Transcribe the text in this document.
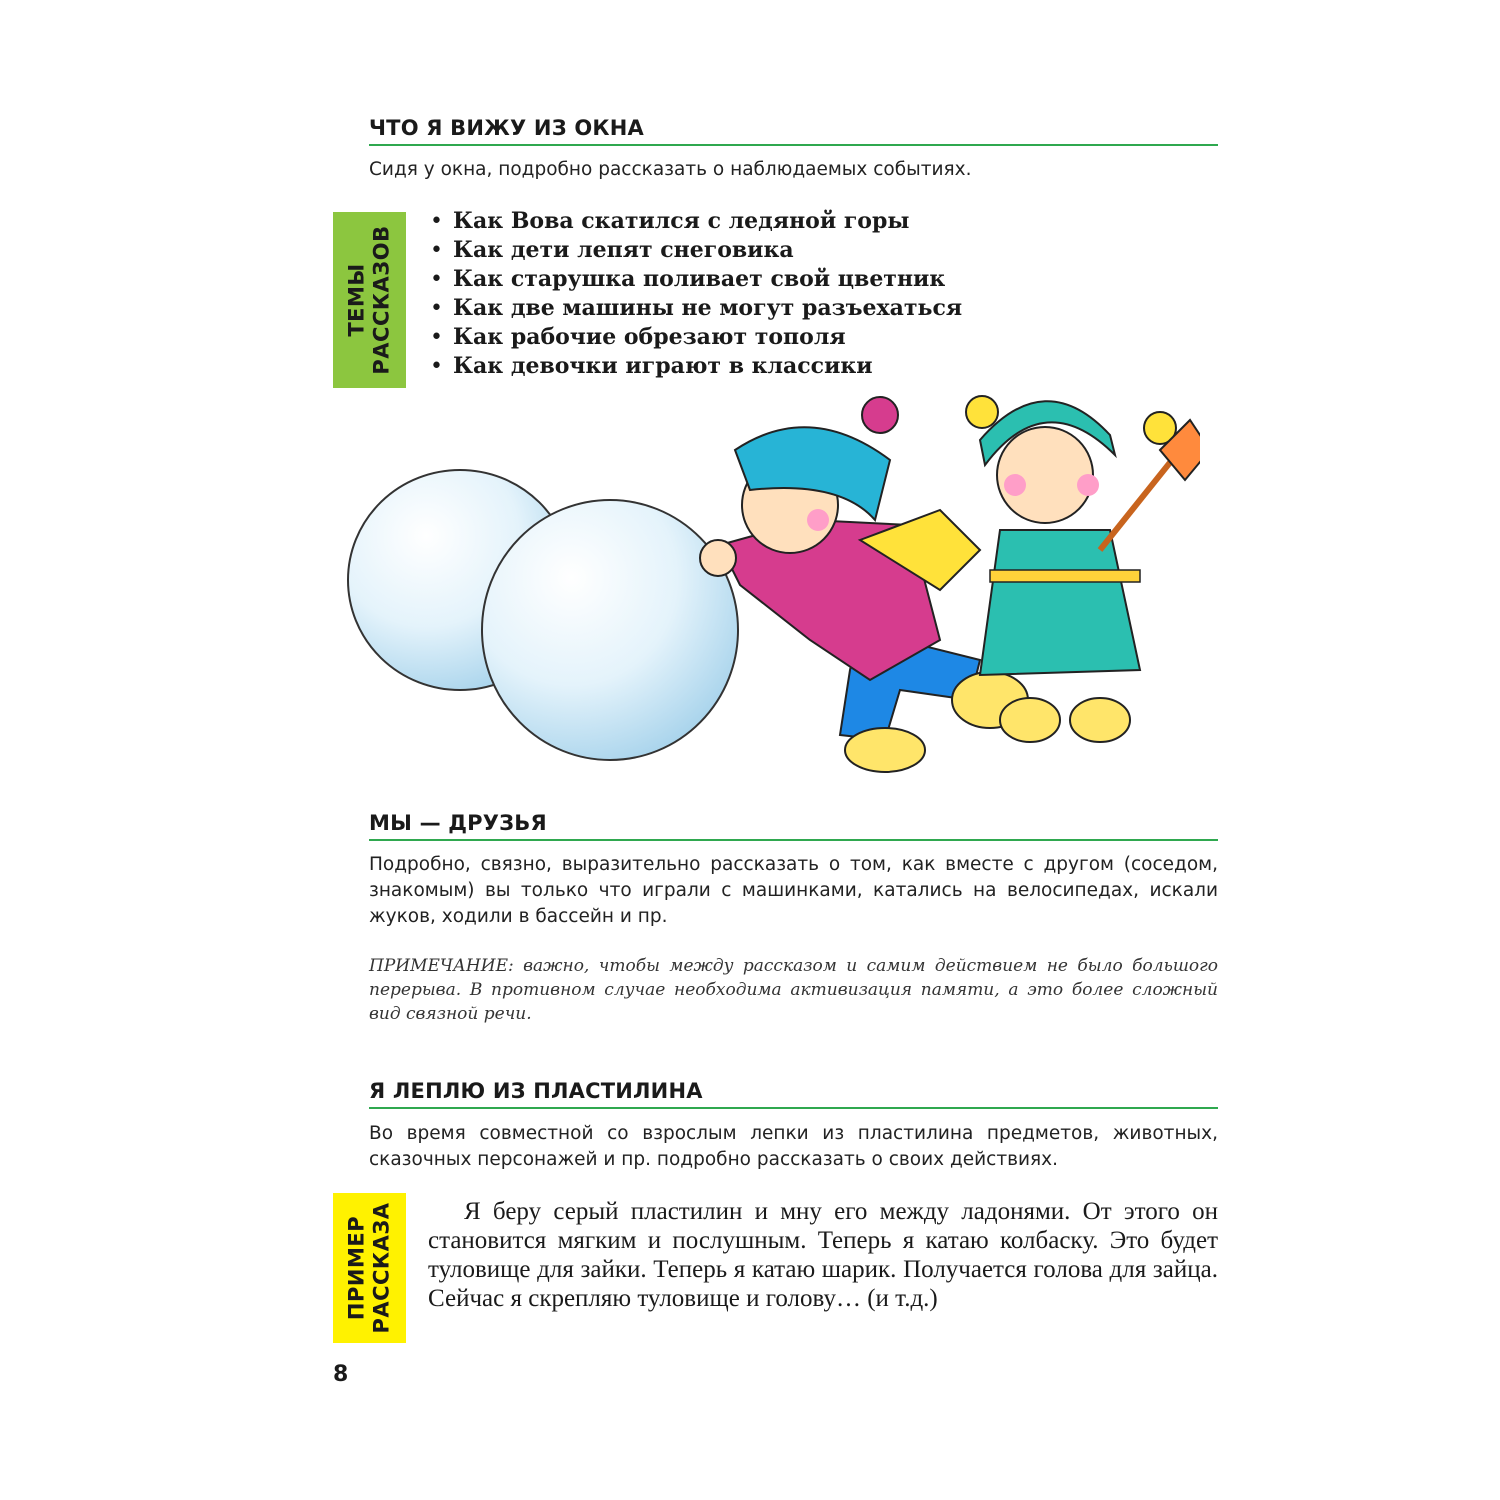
ЧТО Я ВИЖУ ИЗ ОКНА

Сидя у окна, подробно рассказать о наблюдаемых событиях.

ТЕМЫ РАССКАЗОВ
• Как Вова скатился с ледяной горы
• Как дети лепят снеговика
• Как старушка поливает свой цветник
• Как две машины не могут разъехаться
• Как рабочие обрезают тополя
• Как девочки играют в классики
МЫ — ДРУЗЬЯ

Подробно, связно, выразительно рассказать о том, как вместе с другом (соседом, знакомым) вы только что играли с машинками, катались на велосипедах, искали жуков, ходили в бассейн и пр.

ПРИМЕЧАНИЕ: важно, чтобы между рассказом и самим действием не было большого перерыва. В противном случае необходима активизация памяти, а это более сложный вид связной речи.

Я ЛЕПЛЮ ИЗ ПЛАСТИЛИНА

Во время совместной со взрослым лепки из пластилина предметов, животных, сказочных персонажей и пр. подробно рассказать о своих действиях.

ПРИМЕР РАССКАЗА	Я беру серый пластилин и мну его между ладонями. От этого он становится мягким и послушным. Теперь я катаю колбаску. Это будет туловище для зайки. Теперь я катаю шарик. Получается голова для зайца. Сейчас я скрепляю туловище и голову… (и т.д.)

8
